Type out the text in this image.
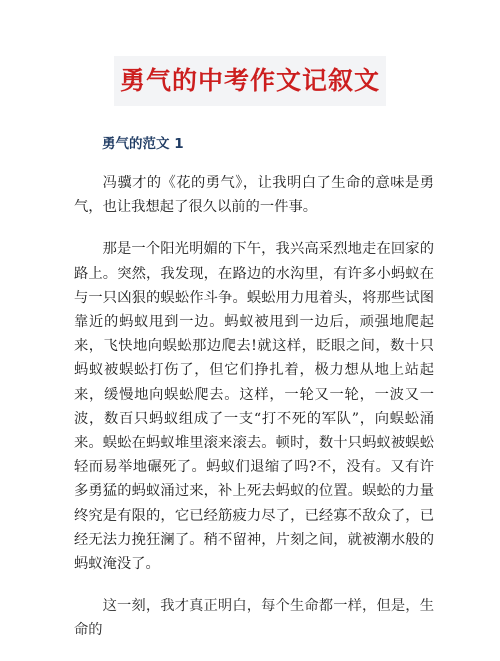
勇气的中考作文记叙文
勇气的范文 1

冯骥才的《花的勇气》，让我明白了生命的意味是勇气，也让我想起了很久以前的一件事。

那是一个阳光明媚的下午，我兴高采烈地走在回家的路上。突然，我发现，在路边的水沟里，有许多小蚂蚁在与一只凶狠的蜈蚣作斗争。蜈蚣用力甩着头，将那些试图靠近的蚂蚁甩到一边。蚂蚁被甩到一边后，顽强地爬起来，飞快地向蜈蚣那边爬去!就这样，眨眼之间，数十只蚂蚁被蜈蚣打伤了，但它们挣扎着，极力想从地上站起来，缓慢地向蜈蚣爬去。这样，一轮又一轮，一波又一波，数百只蚂蚁组成了一支“打不死的军队”，向蜈蚣涌来。蜈蚣在蚂蚁堆里滚来滚去。顿时，数十只蚂蚁被蜈蚣轻而易举地碾死了。蚂蚁们退缩了吗?不，没有。又有许多勇猛的蚂蚁涌过来，补上死去蚂蚁的位置。蜈蚣的力量终究是有限的，它已经筋疲力尽了，已经寡不敌众了，已经无法力挽狂澜了。稍不留神，片刻之间，就被潮水般的蚂蚁淹没了。

这一刻，我才真正明白，每个生命都一样，但是，生命的
